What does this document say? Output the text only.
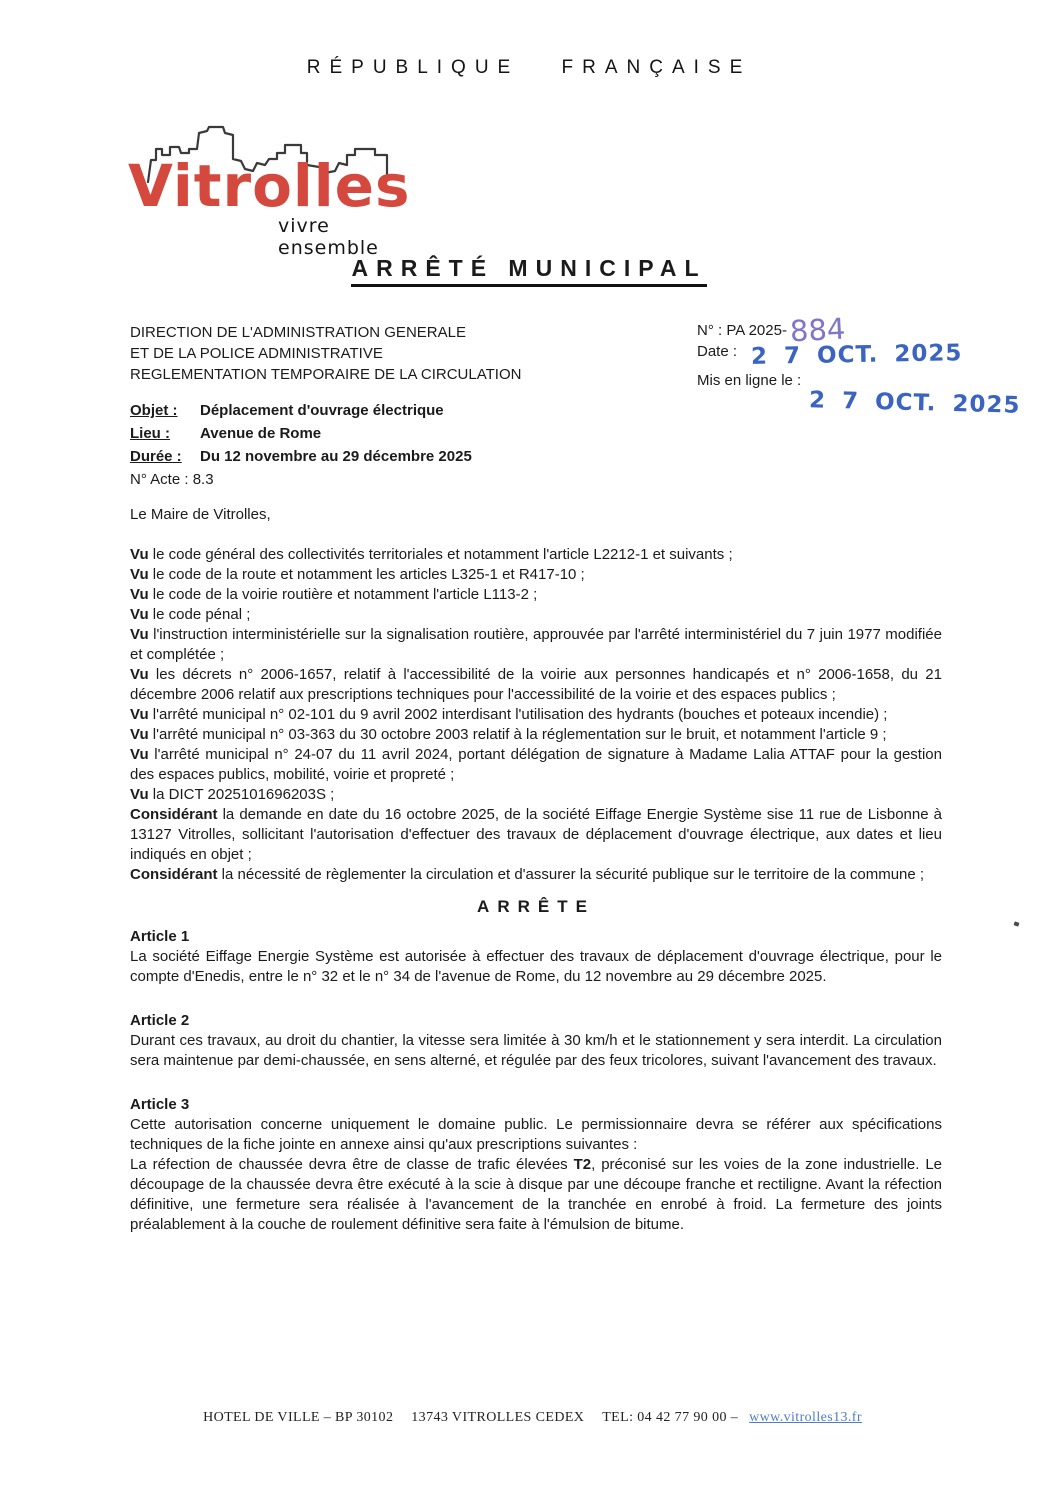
RÉPUBLIQUE FRANÇAISE
Vitrolles
vivre ensemble
ARRÊTÉ MUNICIPAL
DIRECTION DE L'ADMINISTRATION GENERALE
ET DE LA POLICE ADMINISTRATIVE
REGLEMENTATION TEMPORAIRE DE LA CIRCULATION
Objet : Déplacement d'ouvrage électrique
Lieu : Avenue de Rome
Durée : Du 12 novembre au 29 décembre 2025
N° Acte : 8.3
N° : PA 2025-884
Date : 2 7 OCT. 2025
Mis en ligne le :
2 7 OCT. 2025

Le Maire de Vitrolles,

Vu le code général des collectivités territoriales et notamment l'article L2212-1 et suivants ;

Vu le code de la route et notamment les articles L325-1 et R417-10 ;

Vu le code de la voirie routière et notamment l'article L113-2 ;

Vu le code pénal ;

Vu l'instruction interministérielle sur la signalisation routière, approuvée par l'arrêté interministériel du 7 juin 1977 modifiée et complétée ;

Vu les décrets n° 2006-1657, relatif à l'accessibilité de la voirie aux personnes handicapés et n° 2006-1658, du 21 décembre 2006 relatif aux prescriptions techniques pour l'accessibilité de la voirie et des espaces publics ;

Vu l'arrêté municipal n° 02-101 du 9 avril 2002 interdisant l'utilisation des hydrants (bouches et poteaux incendie) ;

Vu l'arrêté municipal n° 03-363 du 30 octobre 2003 relatif à la réglementation sur le bruit, et notamment l'article 9 ;

Vu l'arrêté municipal n° 24-07 du 11 avril 2024, portant délégation de signature à Madame Lalia ATTAF pour la gestion des espaces publics, mobilité, voirie et propreté ;

Vu la DICT 2025101696203S ;

Considérant la demande en date du 16 octobre 2025, de la société Eiffage Energie Système sise 11 rue de Lisbonne à 13127 Vitrolles, sollicitant l'autorisation d'effectuer des travaux de déplacement d'ouvrage électrique, aux dates et lieu indiqués en objet ;

Considérant la nécessité de règlementer la circulation et d'assurer la sécurité publique sur le territoire de la commune ;

ARRÊTE

Article 1

La société Eiffage Energie Système est autorisée à effectuer des travaux de déplacement d'ouvrage électrique, pour le compte d'Enedis, entre le n° 32 et le n° 34 de l'avenue de Rome, du 12 novembre au 29 décembre 2025.

Article 2

Durant ces travaux, au droit du chantier, la vitesse sera limitée à 30 km/h et le stationnement y sera interdit. La circulation sera maintenue par demi-chaussée, en sens alterné, et régulée par des feux tricolores, suivant l'avancement des travaux.

Article 3

Cette autorisation concerne uniquement le domaine public. Le permissionnaire devra se référer aux spécifications techniques de la fiche jointe en annexe ainsi qu'aux prescriptions suivantes :

La réfection de chaussée devra être de classe de trafic élevées T2, préconisé sur les voies de la zone industrielle. Le découpage de la chaussée devra être exécuté à la scie à disque par une découpe franche et rectiligne. Avant la réfection définitive, une fermeture sera réalisée à l'avancement de la tranchée en enrobé à froid. La fermeture des joints préalablement à la couche de roulement définitive sera faite à l'émulsion de bitume.

HOTEL DE VILLE – BP 30102 13743 VITROLLES CEDEX TEL: 04 42 77 90 00 – www.vitrolles13.fr
